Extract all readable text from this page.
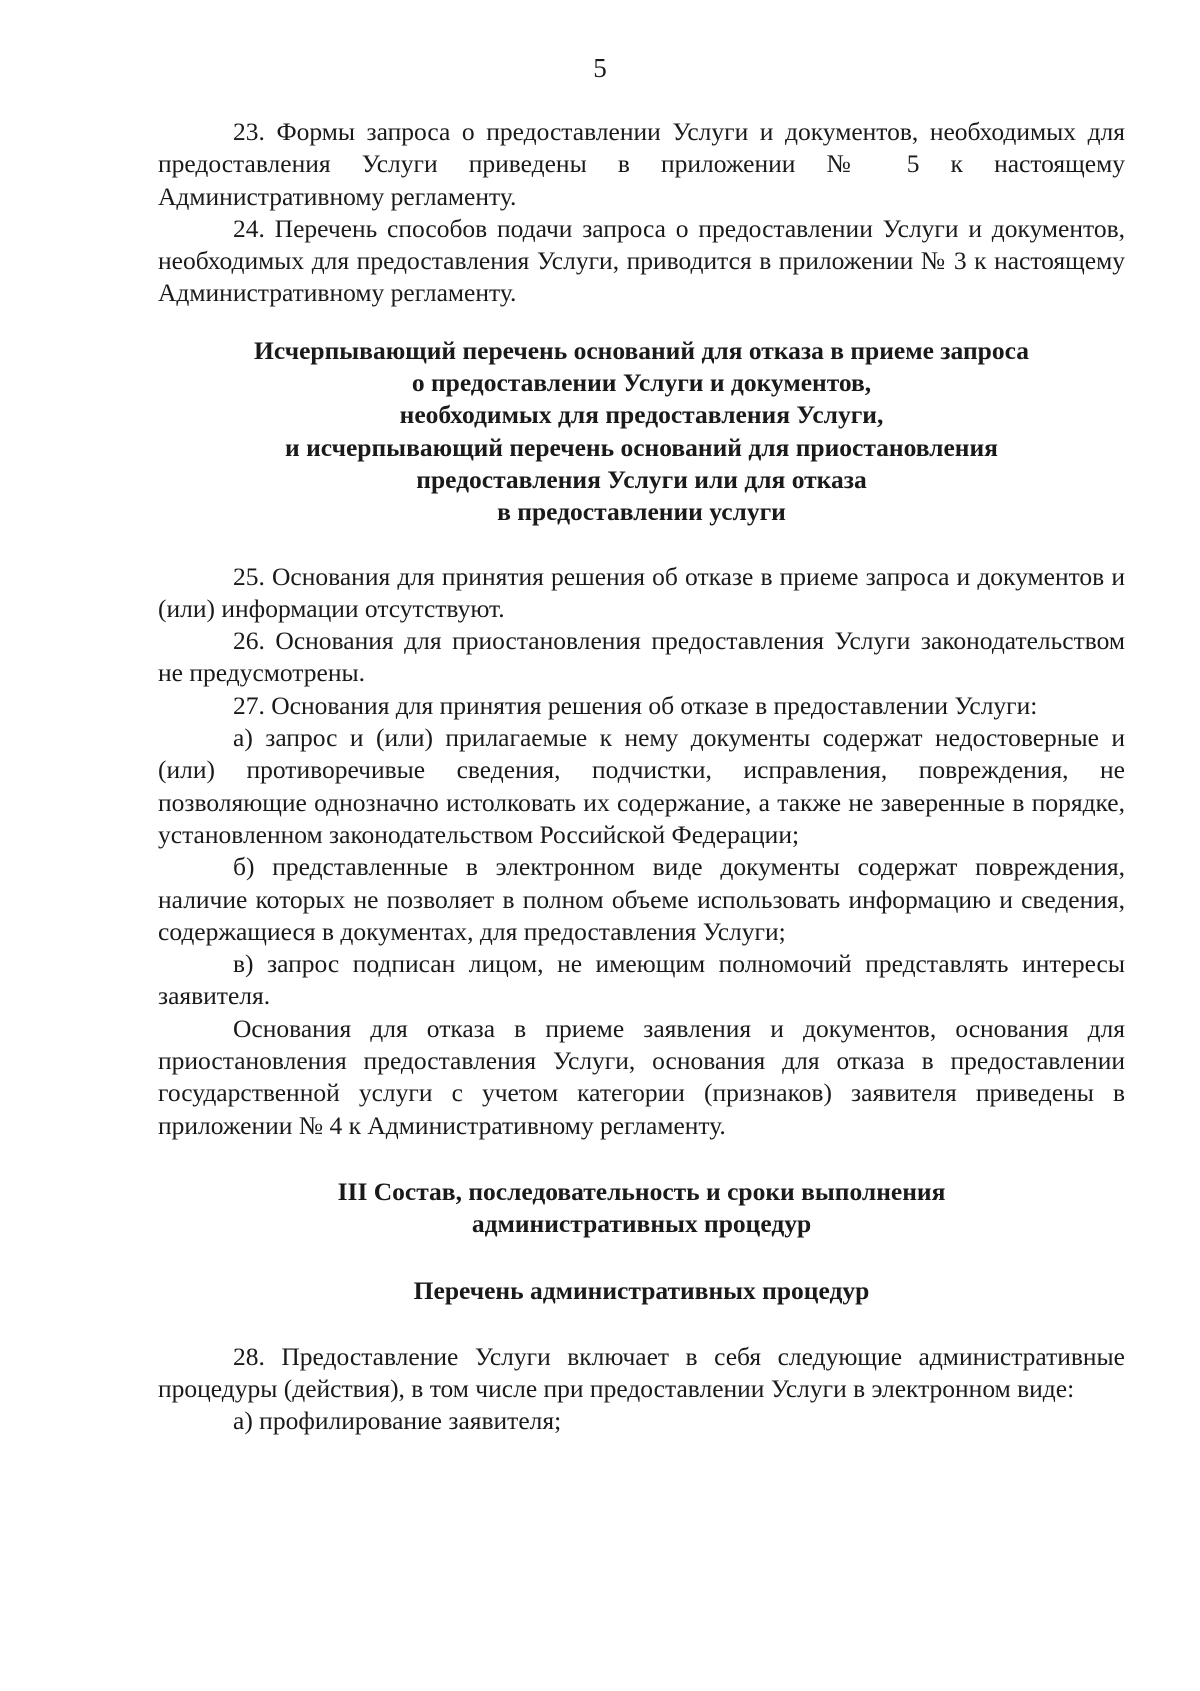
5

23. Формы запроса о предоставлении Услуги и документов, необходимых для предоставления Услуги приведены в приложении № 5 к настоящему Административному регламенту.

24. Перечень способов подачи запроса о предоставлении Услуги и документов, необходимых для предоставления Услуги, приводится в приложении № 3 к настоящему Административному регламенту.

Исчерпывающий перечень оснований для отказа в приеме запроса
о предоставлении Услуги и документов,
необходимых для предоставления Услуги,
и исчерпывающий перечень оснований для приостановления
предоставления Услуги или для отказа
в предоставлении услуги

25. Основания для принятия решения об отказе в приеме запроса и документов и (или) информации отсутствуют.

26. Основания для приостановления предоставления Услуги законодательством не предусмотрены.

27. Основания для принятия решения об отказе в предоставлении Услуги:

а) запрос и (или) прилагаемые к нему документы содержат недостоверные и (или) противоречивые сведения, подчистки, исправления, повреждения, не позволяющие однозначно истолковать их содержание, а также не заверенные в порядке, установленном законодательством Российской Федерации;

б) представленные в электронном виде документы содержат повреждения, наличие которых не позволяет в полном объеме использовать информацию и сведения, содержащиеся в документах, для предоставления Услуги;

в) запрос подписан лицом, не имеющим полномочий представлять интересы заявителя.

Основания для отказа в приеме заявления и документов, основания для приостановления предоставления Услуги, основания для отказа в предоставлении государственной услуги с учетом категории (признаков) заявителя приведены в приложении № 4 к Административному регламенту.

III Состав, последовательность и сроки выполнения
административных процедур
Перечень административных процедур

28. Предоставление Услуги включает в себя следующие административные процедуры (действия), в том числе при предоставлении Услуги в электронном виде:

а) профилирование заявителя;
